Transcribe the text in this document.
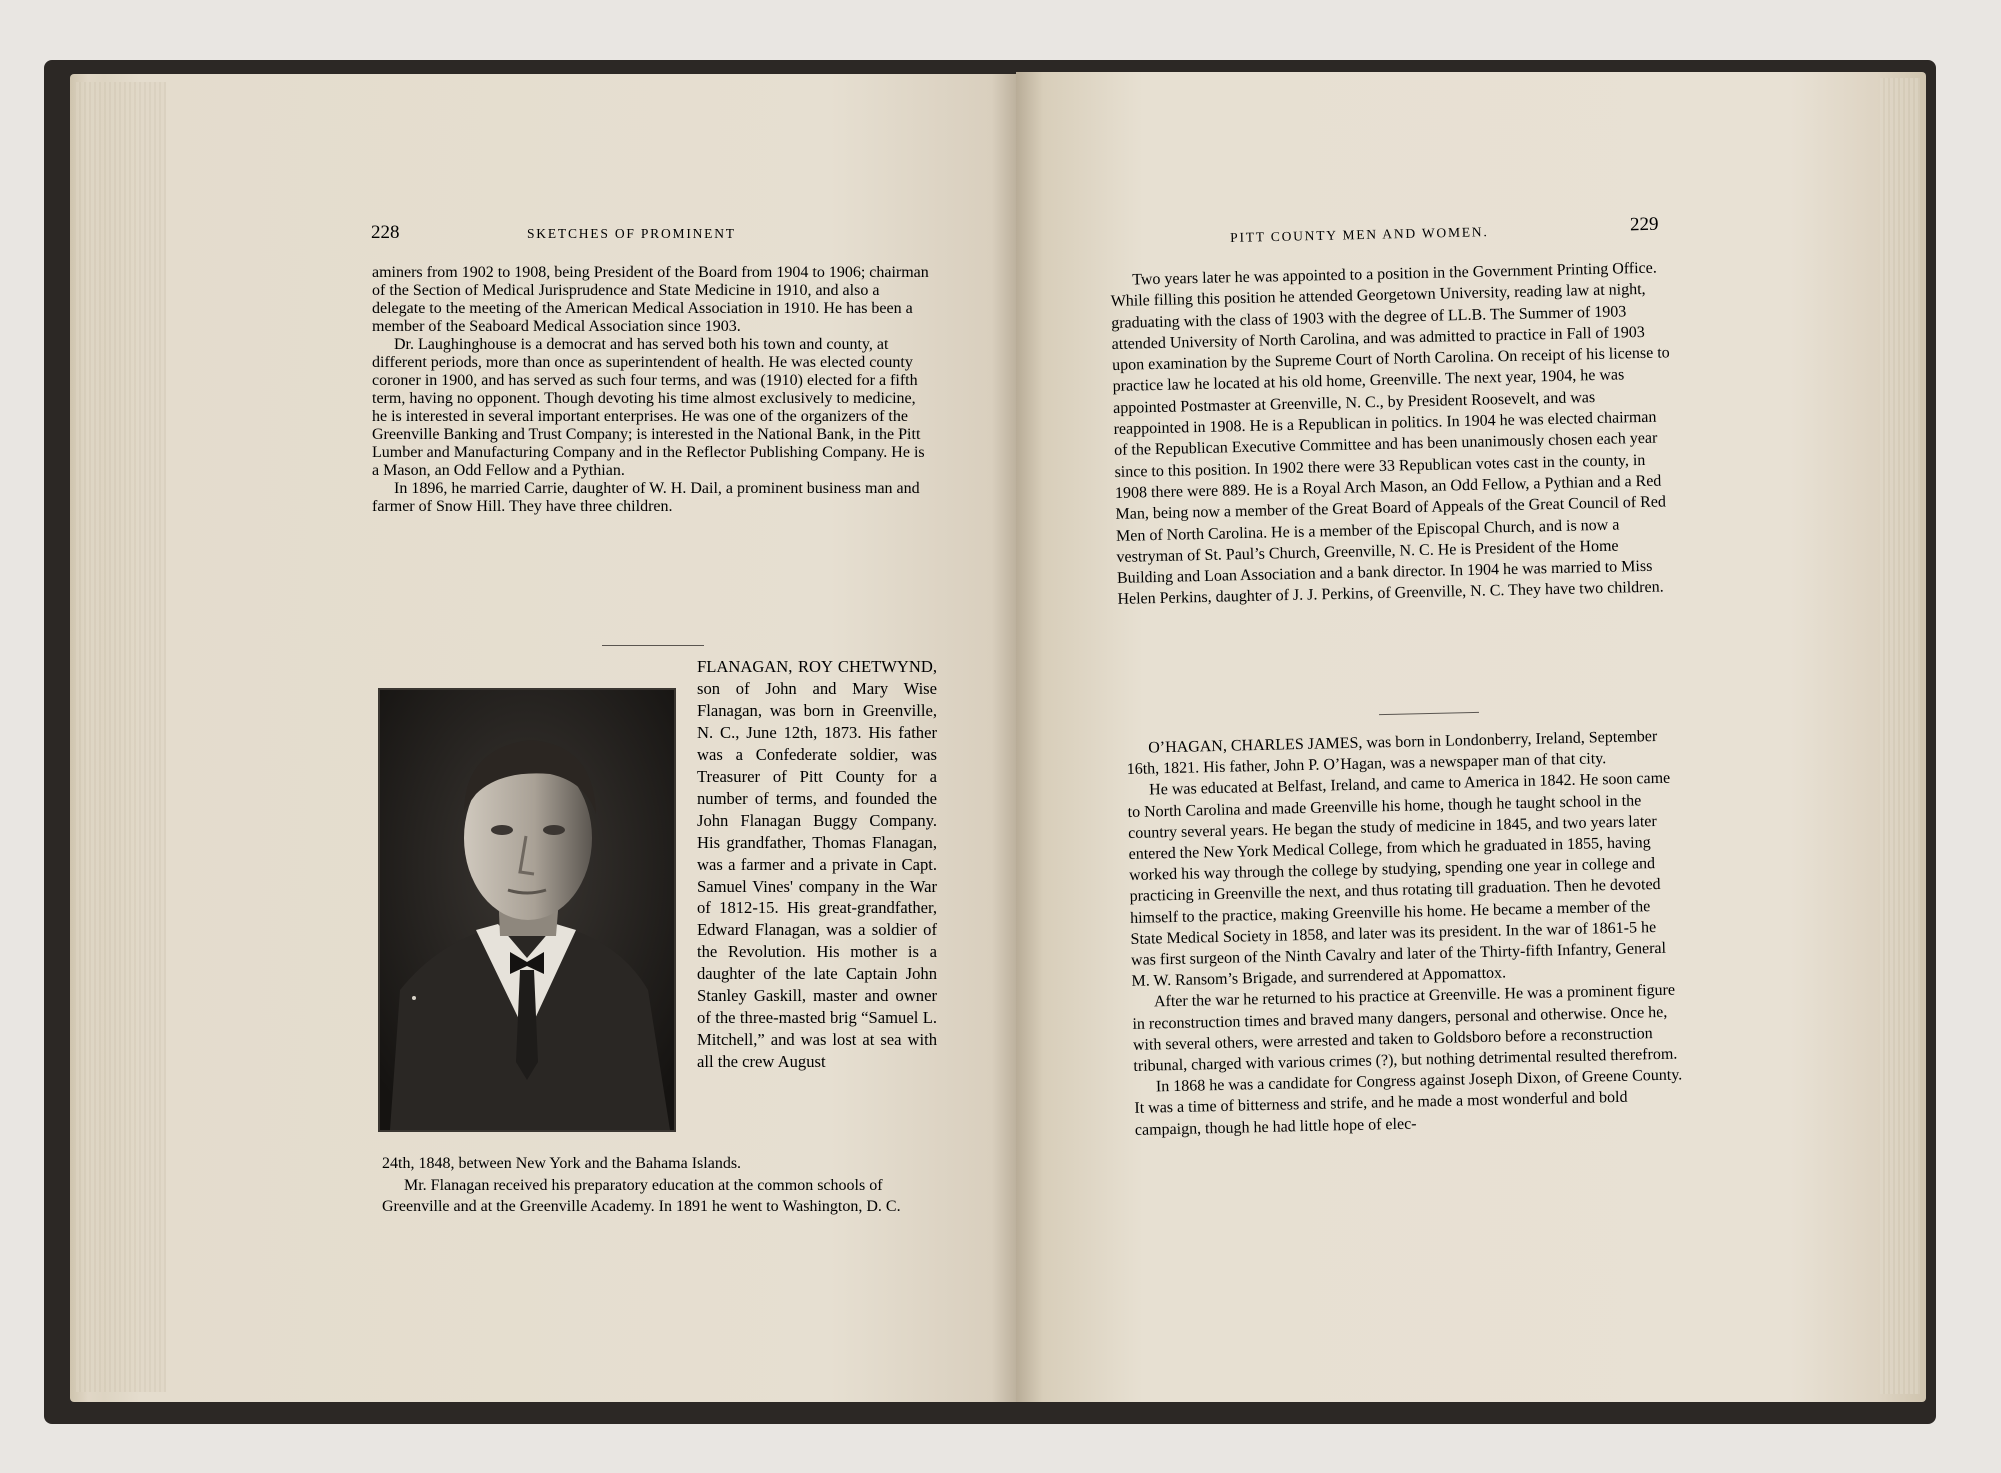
228	SKETCHES OF PROMINENT

aminers from 1902 to 1908, being President of the Board from 1904 to 1906; chairman of the Section of Medical Jurisprudence and State Medicine in 1910, and also a delegate to the meeting of the American Medical Association in 1910. He has been a member of the Seaboard Medical Association since 1903.

Dr. Laughinghouse is a democrat and has served both his town and county, at different periods, more than once as superintendent of health. He was elected county coroner in 1900, and has served as such four terms, and was (1910) elected for a fifth term, having no opponent. Though devoting his time almost exclusively to medicine, he is interested in several important enterprises. He was one of the organizers of the Greenville Banking and Trust Company; is interested in the National Bank, in the Pitt Lumber and Manufacturing Company and in the Reflector Publishing Company. He is a Mason, an Odd Fellow and a Pythian.

In 1896, he married Carrie, daughter of W. H. Dail, a prominent business man and farmer of Snow Hill. They have three children.

FLANAGAN, ROY CHETWYND, son of John and Mary Wise Flanagan, was born in Greenville, N. C., June 12th, 1873. His father was a Confederate soldier, was Treasurer of Pitt County for a number of terms, and founded the John Flanagan Buggy Company. His grandfather, Thomas Flanagan, was a farmer and a private in Capt. Samuel Vines' company in the War of 1812-15. His great-grandfather, Edward Flanagan, was a soldier of the Revolution. His mother is a daughter of the late Captain John Stanley Gaskill, master and owner of the three-masted brig “Samuel L. Mitchell,” and was lost at sea with all the crew August

24th, 1848, between New York and the Bahama Islands.

Mr. Flanagan received his preparatory education at the common schools of Greenville and at the Greenville Academy. In 1891 he went to Washington, D. C.

PITT COUNTY MEN AND WOMEN.	229

Two years later he was appointed to a position in the Government Printing Office. While filling this position he attended Georgetown University, reading law at night, graduating with the class of 1903 with the degree of LL.B. The Summer of 1903 attended University of North Carolina, and was admitted to practice in Fall of 1903 upon examination by the Supreme Court of North Carolina. On receipt of his license to practice law he located at his old home, Greenville. The next year, 1904, he was appointed Postmaster at Greenville, N. C., by President Roosevelt, and was reappointed in 1908. He is a Republican in politics. In 1904 he was elected chairman of the Republican Executive Committee and has been unanimously chosen each year since to this position. In 1902 there were 33 Republican votes cast in the county, in 1908 there were 889. He is a Royal Arch Mason, an Odd Fellow, a Pythian and a Red Man, being now a member of the Great Board of Appeals of the Great Council of Red Men of North Carolina. He is a member of the Episcopal Church, and is now a vestryman of St. Paul’s Church, Greenville, N. C. He is President of the Home Building and Loan Association and a bank director. In 1904 he was married to Miss Helen Perkins, daughter of J. J. Perkins, of Greenville, N. C. They have two children.

O’HAGAN, CHARLES JAMES, was born in Londonberry, Ireland, September 16th, 1821. His father, John P. O’Hagan, was a newspaper man of that city.

He was educated at Belfast, Ireland, and came to America in 1842. He soon came to North Carolina and made Greenville his home, though he taught school in the country several years. He began the study of medicine in 1845, and two years later entered the New York Medical College, from which he graduated in 1855, having worked his way through the college by studying, spending one year in college and practicing in Greenville the next, and thus rotating till graduation. Then he devoted himself to the practice, making Greenville his home. He became a member of the State Medical Society in 1858, and later was its president. In the war of 1861-5 he was first surgeon of the Ninth Cavalry and later of the Thirty-fifth Infantry, General M. W. Ransom’s Brigade, and surrendered at Appomattox.

After the war he returned to his practice at Greenville. He was a prominent figure in reconstruction times and braved many dangers, personal and otherwise. Once he, with several others, were arrested and taken to Goldsboro before a reconstruction tribunal, charged with various crimes (?), but nothing detrimental resulted therefrom.

In 1868 he was a candidate for Congress against Joseph Dixon, of Greene County. It was a time of bitterness and strife, and he made a most wonderful and bold campaign, though he had little hope of elec-
